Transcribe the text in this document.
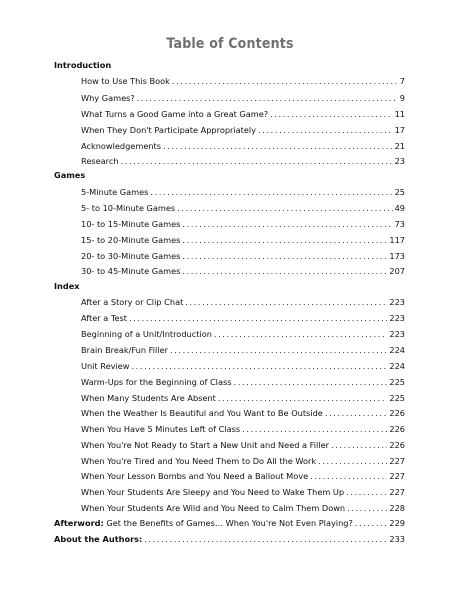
Table of Contents
Introduction
How to Use This Book .....	7
Why Games? .....	9
What Turns a Good Game into a Great Game? .....	11
When They Don't Participate Appropriately .....	17
Acknowledgements .....	21
Research .....	23
Games
5-Minute Games .....	25
5- to 10-Minute Games .....	49
10- to 15-Minute Games .....	73
15- to 20-Minute Games .....	117
20- to 30-Minute Games .....	173
30- to 45-Minute Games .....	207
Index
After a Story or Clip Chat .....	223
After a Test .....	223
Beginning of a Unit/Introduction .....	223
Brain Break/Fun Filler .....	224
Unit Review .....	224
Warm-Ups for the Beginning of Class .....	225
When Many Students Are Absent .....	225
When the Weather Is Beautiful and You Want to Be Outside .....	226
When You Have 5 Minutes Left of Class .....	226
When You're Not Ready to Start a New Unit and Need a Filler .....	226
When You're Tired and You Need Them to Do All the Work .....	227
When Your Lesson Bombs and You Need a Bailout Move .....	227
When Your Students Are Sleepy and You Need to Wake Them Up .....	227
When Your Students Are Wild and You Need to Calm Them Down .....	228
Afterword: Get the Benefits of Games… When You're Not Even Playing? .....	229
About the Authors: .....	233
